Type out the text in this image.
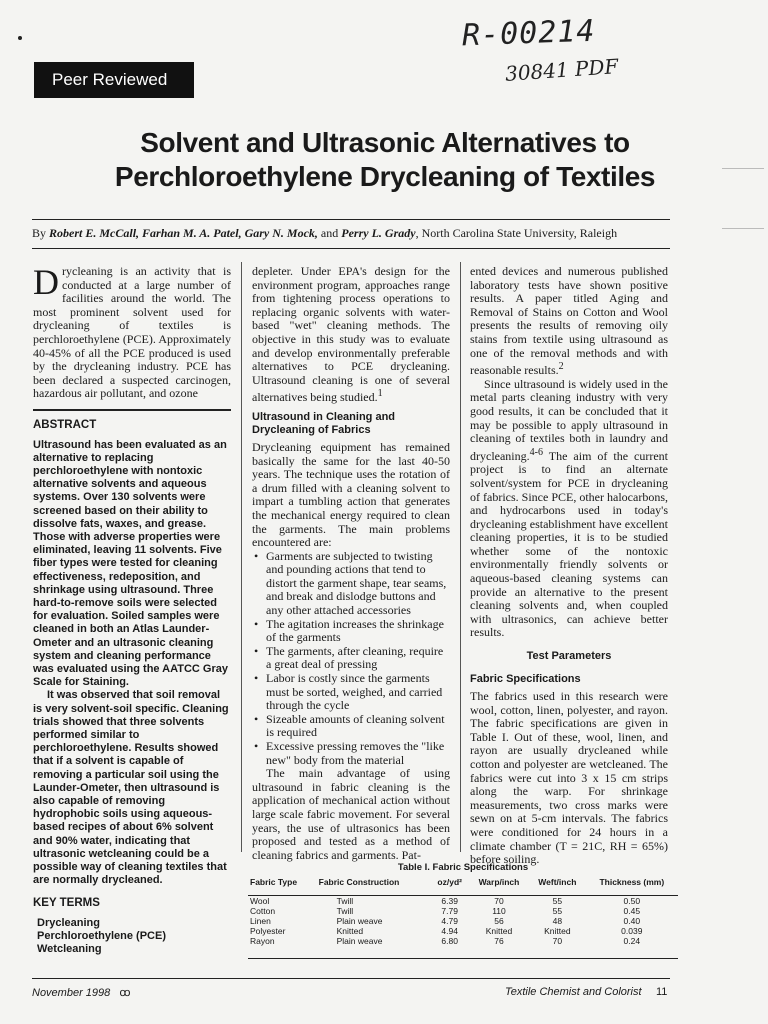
Peer Reviewed
R-00214
30841 PDF
Solvent and Ultrasonic Alternatives to
Perchloroethylene Drycleaning of Textiles
By Robert E. McCall, Farhan M. A. Patel, Gary N. Mock, and Perry L. Grady, North Carolina State University, Raleigh

Drycleaning is an activity that is conducted at a large number of facilities around the world. The most prominent solvent used for drycleaning of textiles is perchloroethylene (PCE). Approximately 40-45% of all the PCE produced is used by the drycleaning industry. PCE has been declared a suspected carcinogen, hazardous air pollutant, and ozone

ABSTRACT
Ultrasound has been evaluated as an alternative to replacing perchloroethylene with nontoxic alternative solvents and aqueous systems. Over 130 solvents were screened based on their ability to dissolve fats, waxes, and grease. Those with adverse properties were eliminated, leaving 11 solvents. Five fiber types were tested for cleaning effectiveness, redeposition, and shrinkage using ultrasound. Three hard-to-remove soils were selected for evaluation. Soiled samples were cleaned in both an Atlas Launder-Ometer and an ultrasonic cleaning system and cleaning performance was evaluated using the AATCC Gray Scale for Staining.
It was observed that soil removal is very solvent-soil specific. Cleaning trials showed that three solvents performed similar to perchloroethylene. Results showed that if a solvent is capable of removing a particular soil using the Launder-Ometer, then ultrasound is also capable of removing hydrophobic soils using aqueous-based recipes of about 6% solvent and 90% water, indicating that ultrasonic wetcleaning could be a possible way of cleaning textiles that are normally drycleaned.
KEY TERMS
Drycleaning
Perchloroethylene (PCE)
Wetcleaning

depleter. Under EPA's design for the environment program, approaches range from tightening process operations to replacing organic solvents with water-based "wet" cleaning methods. The objective in this study was to evaluate and develop environmentally preferable alternatives to PCE drycleaning. Ultrasound cleaning is one of several alternatives being studied.$^1$

Ultrasound in Cleaning and Drycleaning of Fabrics

Drycleaning equipment has remained basically the same for the last 40-50 years. The technique uses the rotation of a drum filled with a cleaning solvent to impart a tumbling action that generates the mechanical energy required to clean the garments. The main problems encountered are:

• Garments are subjected to twisting and pounding actions that tend to distort the garment shape, tear seams, and break and dislodge buttons and any other attached accessories
• The agitation increases the shrinkage of the garments
• The garments, after cleaning, require a great deal of pressing
• Labor is costly since the garments must be sorted, weighed, and carried through the cycle
• Sizeable amounts of cleaning solvent is required
• Excessive pressing removes the "like new" body from the material

The main advantage of using ultrasound in fabric cleaning is the application of mechanical action without large scale fabric movement. For several years, the use of ultrasonics has been proposed and tested as a method of cleaning fabrics and garments. Pat-

ented devices and numerous published laboratory tests have shown positive results. A paper titled Aging and Removal of Stains on Cotton and Wool presents the results of removing oily stains from textile using ultrasound as one of the removal methods and with reasonable results.$^2$

Since ultrasound is widely used in the metal parts cleaning industry with very good results, it can be concluded that it may be possible to apply ultrasound in cleaning of textiles both in laundry and drycleaning.$^{4-6}$ The aim of the current project is to find an alternate solvent/system for PCE in drycleaning of fabrics. Since PCE, other halocarbons, and hydrocarbons used in today's drycleaning establishment have excellent cleaning properties, it is to be studied whether some of the nontoxic environmentally friendly solvents or aqueous-based cleaning systems can provide an alternative to the present cleaning solvents and, when coupled with ultrasonics, can achieve better results.

Test Parameters
Fabric Specifications

The fabrics used in this research were wool, cotton, linen, polyester, and rayon. The fabric specifications are given in Table I. Out of these, wool, linen, and rayon are usually drycleaned while cotton and polyester are wetcleaned. The fabrics were cut into 3 x 15 cm strips along the warp. For shrinkage measurements, two cross marks were sewn on at 5-cm intervals. The fabrics were conditioned for 24 hours in a climate chamber (T = 21C, RH = 65%) before soiling.

Table I. Fabric Specifications
Fabric Type	Fabric Construction	oz/yd²	Warp/inch	Weft/inch	Thickness (mm)
Wool	Twill	6.39	70	55	0.50
Cotton	Twill	7.79	110	55	0.45
Linen	Plain weave	4.79	56	48	0.40
Polyester	Knitted	4.94	Knitted	Knitted	0.039
Rayon	Plain weave	6.80	76	70	0.24
November 1998 ꝏ	Textile Chemist and Colorist 11
